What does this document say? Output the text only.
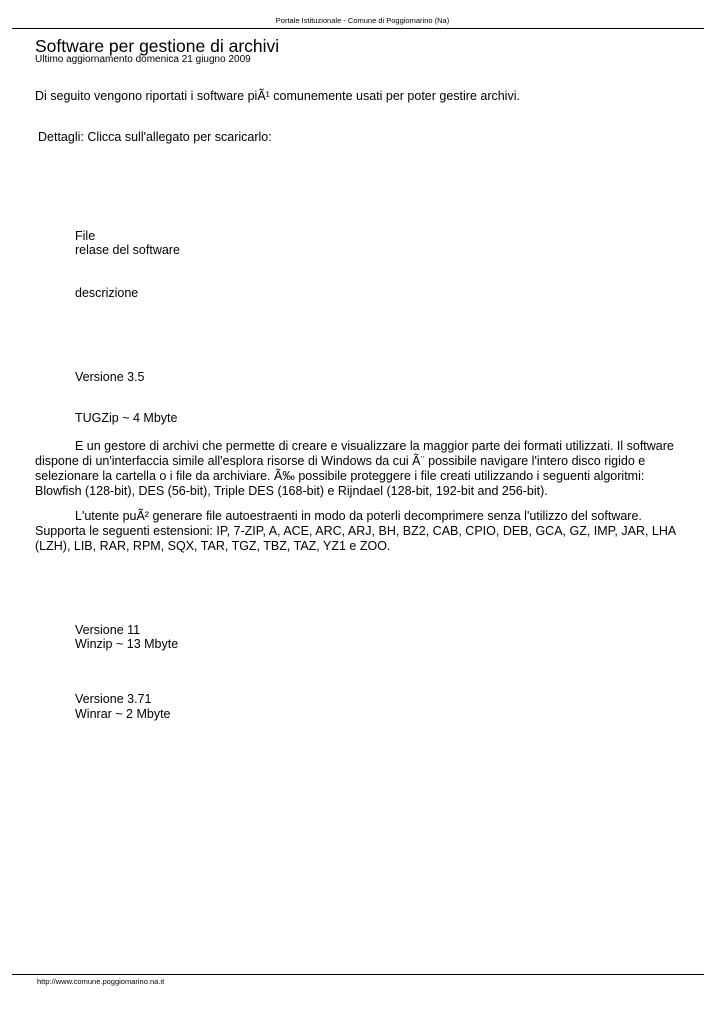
Portale Istituzionale - Comune di Poggiomarino (Na)
Software per gestione di archivi
Ultimo aggiornamento domenica 21 giugno 2009
Di seguito vengono riportati i software piÃ¹ comunemente usati per poter gestire archivi.
Dettagli: Clicca sull'allegato per scaricarlo:
File
relase del software
descrizione
Versione 3.5
TUGZip ~ 4 Mbyte
E un gestore di archivi che permette di creare e visualizzare la maggior parte dei formati utilizzati. Il software dispone di un'interfaccia simile all'esplora risorse di Windows da cui Ã¨ possibile navigare l'intero disco rigido e selezionare la cartella o i file da archiviare. Ã‰ possibile proteggere i file creati utilizzando i seguenti algoritmi: Blowfish (128-bit), DES (56-bit), Triple DES (168-bit) e Rijndael (128-bit, 192-bit and 256-bit).
L'utente puÃ² generare file autoestraenti in modo da poterli decomprimere senza l'utilizzo del software. Supporta le seguenti estensioni: IP, 7-ZIP, A, ACE, ARC, ARJ, BH, BZ2, CAB, CPIO, DEB, GCA, GZ, IMP, JAR, LHA (LZH), LIB, RAR, RPM, SQX, TAR, TGZ, TBZ, TAZ, YZ1 e ZOO.
Versione 11
Winzip ~ 13 Mbyte
Versione 3.71
Winrar ~ 2 Mbyte
http://www.comune.poggiomarino.na.it
